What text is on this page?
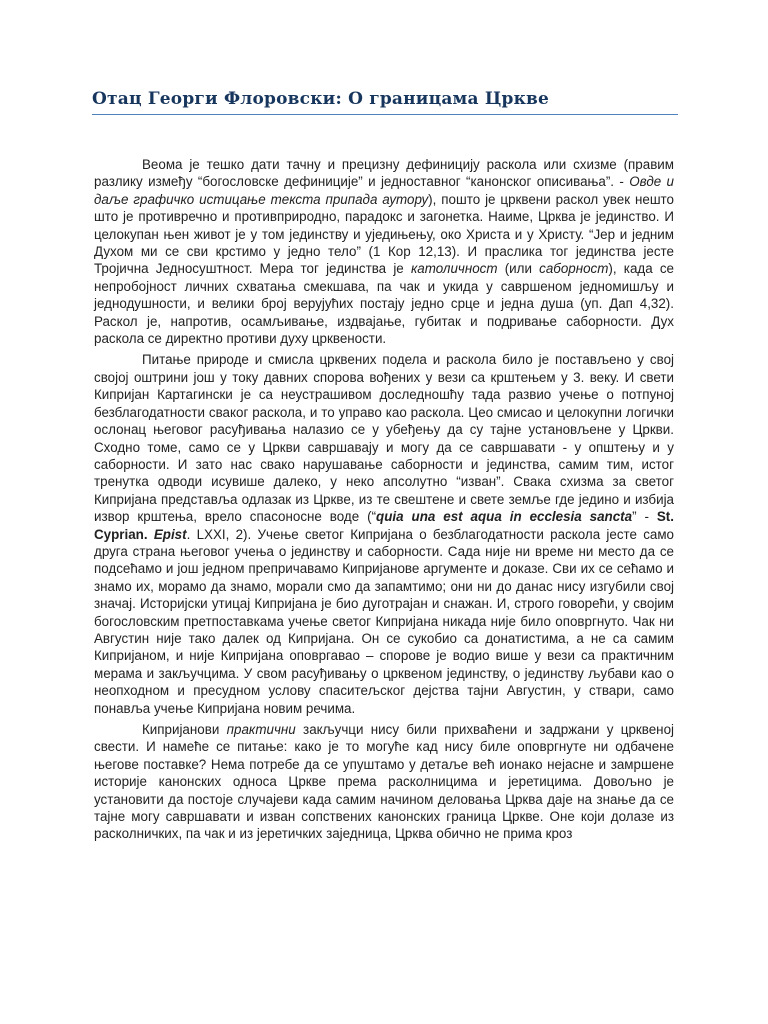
Отац Георги Флоровски: О границама Цркве

Веома је тешко дати тачну и прецизну дефиницију раскола или схизме (правим разлику између “богословске дефиниције” и једноставног “канонског описивања”. - Овде и даље графичко истицање текста припада аутору), пошто је црквени раскол увек нешто што је противречно и противприродно, парадокс и загонетка. Наиме, Црква је јединство. И целокупан њен живот је у том јединству и уједињењу, око Христа и у Христу. “Јер и једним Духом ми се сви крстимо у једно тело” (1 Кор 12,13). И праслика тог јединства јесте Тројична Једносуштност. Мера тог јединства је католичност (или саборност), када се непробојност личних схватања смекшава, па чак и укида у савршеном једномишљу и једнодушности, и велики број верујућих постају једно срце и једна душа (уп. Дап 4,32). Раскол је, напротив, осамљивање, издвајање, губитак и подривање саборности. Дух раскола се директно противи духу црквености.

Питање природе и смисла црквених подела и раскола било је постављено у свој својој оштрини још у току давних спорова вођених у вези са крштењем у 3. веку. И свети Кипријан Картагински је са неустрашивом доследношћу тада развио учење о потпуној безблагодатности сваког раскола, и то управо као раскола. Цео смисао и целокупни логички ослонац његовог расуђивања налазио се у убеђењу да су тајне установљене у Цркви. Сходно томе, само се у Цркви савршавају и могу да се савршавати - у општењу и у саборности. И зато нас свако нарушавање саборности и јединства, самим тим, истог тренутка одводи исувише далеко, у неко апсолутно “изван”. Свака схизма за светог Кипријана представља одлазак из Цркве, из те свештене и свете земље где једино и избија извор крштења, врело спасоносне воде (“quia una est aqua in ecclesia sancta” - St. Cyprian. Epist. LXXI, 2). Учење светог Кипријана о безблагодатности раскола јесте само друга страна његовог учења о јединству и саборности. Сада није ни време ни место да се подсећамо и још једном препричавамо Кипријанове аргументе и доказе. Сви их се сећамо и знамо их, морамо да знамо, морали смо да запамтимо; они ни до данас нису изгубили свој значај. Историјски утицај Кипријана је био дуготрајан и снажан. И, строго говорећи, у својим богословским претпоставкама учење светог Кипријана никада није било оповргнуто. Чак ни Августин није тако далек од Кипријана. Он се сукобио са донатистима, а не са самим Кипријаном, и није Кипријана оповргавао – спорове је водио више у вези са практичним мерама и закључцима. У свом расуђивању о црквеном јединству, о јединству љубави као о неопходном и пресудном услову спаситељског дејства тајни Августин, у ствари, само понавља учење Кипријана новим речима.

Кипријанови практични закључци нису били прихваћени и задржани у црквеној свести. И намеће се питање: како је то могуће кад нису биле оповргнуте ни одбачене његове поставке? Нема потребе да се упуштамо у детаље већ ионако нејасне и замршене историје канонских односа Цркве према расколницима и јеретицима. Довољно је установити да постоје случајеви када самим начином деловања Црква даје на знање да се тајне могу савршавати и изван сопствених канонских граница Цркве. Оне који долазе из расколничких, па чак и из јеретичких заједница, Црква обично не прима кроз
